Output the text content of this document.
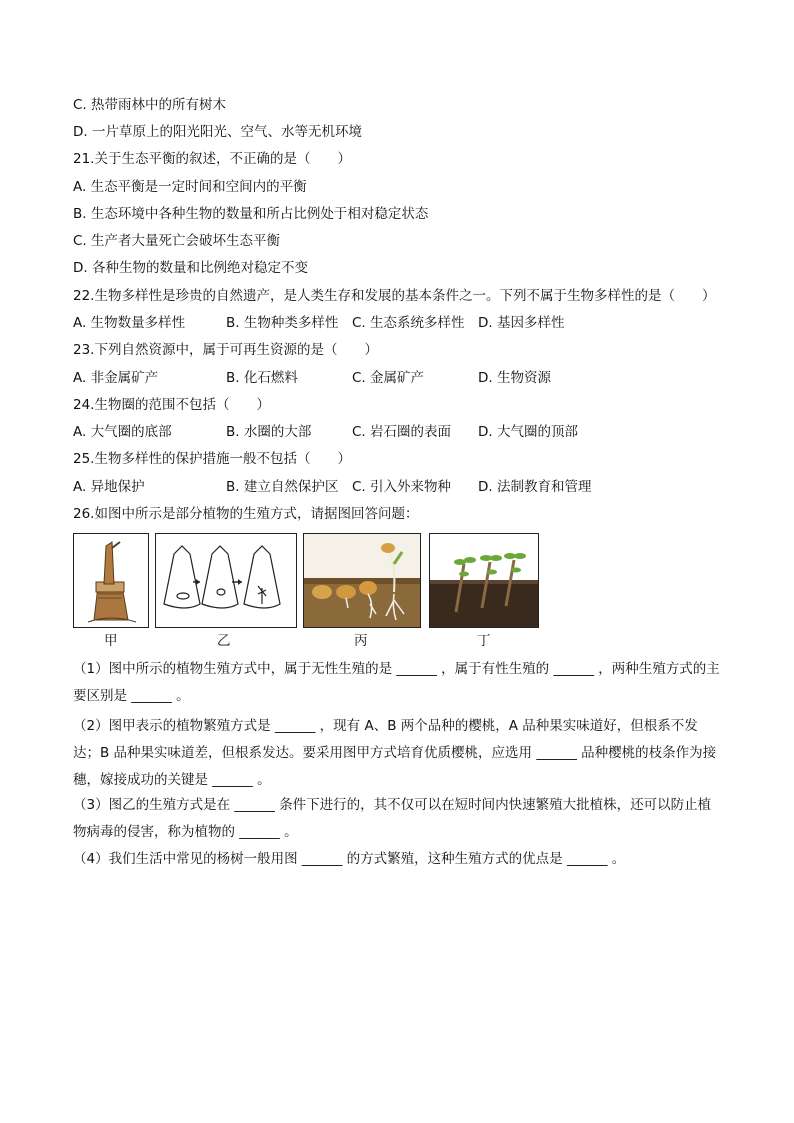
C. 热带雨林中的所有树木
D. 一片草原上的阳光阳光、空气、水等无机环境
21.关于生态平衡的叙述，不正确的是（　　）
A. 生态平衡是一定时间和空间内的平衡
B. 生态环境中各种生物的数量和所占比例处于相对稳定状态
C. 生产者大量死亡会破坏生态平衡
D. 各种生物的数量和比例绝对稳定不变
22.生物多样性是珍贵的自然遗产，是人类生存和发展的基本条件之一。下列不属于生物多样性的是（　　）
A. 生物数量多样性	B. 生物种类多样性 C. 生态系统多样性 D. 基因多样性
23.下列自然资源中，属于可再生资源的是（　　）
A. 非金属矿产	B. 化石燃料	C. 金属矿产	D. 生物资源
24.生物圈的范围不包括（　　）
A. 大气圈的底部	B. 水圈的大部	C. 岩石圈的表面 D. 大气圈的顶部
25.生物多样性的保护措施一般不包括（　　）
A. 异地保护	B. 建立自然保护区 C. 引入外来物种 D. 法制教育和管理
26.如图中所示是部分植物的生殖方式，请据图回答问题：
甲	乙	丙	丁
（1）图中所示的植物生殖方式中，属于无性生殖的是 ______ ，属于有性生殖的 ______ ，两种生殖方式的主要区别是 ______ 。
（2）图甲表示的植物繁殖方式是 ______ ，现有 A、B 两个品种的樱桃，A 品种果实味道好，但根系不发达；B 品种果实味道差，但根系发达。要采用图甲方式培育优质樱桃，应选用 ______ 品种樱桃的枝条作为接穗，嫁接成功的关键是 ______ 。
（3）图乙的生殖方式是在 ______ 条件下进行的，其不仅可以在短时间内快速繁殖大批植株，还可以防止植物病毒的侵害，称为植物的 ______ 。
（4）我们生活中常见的杨树一般用图 ______ 的方式繁殖，这种生殖方式的优点是 ______ 。
